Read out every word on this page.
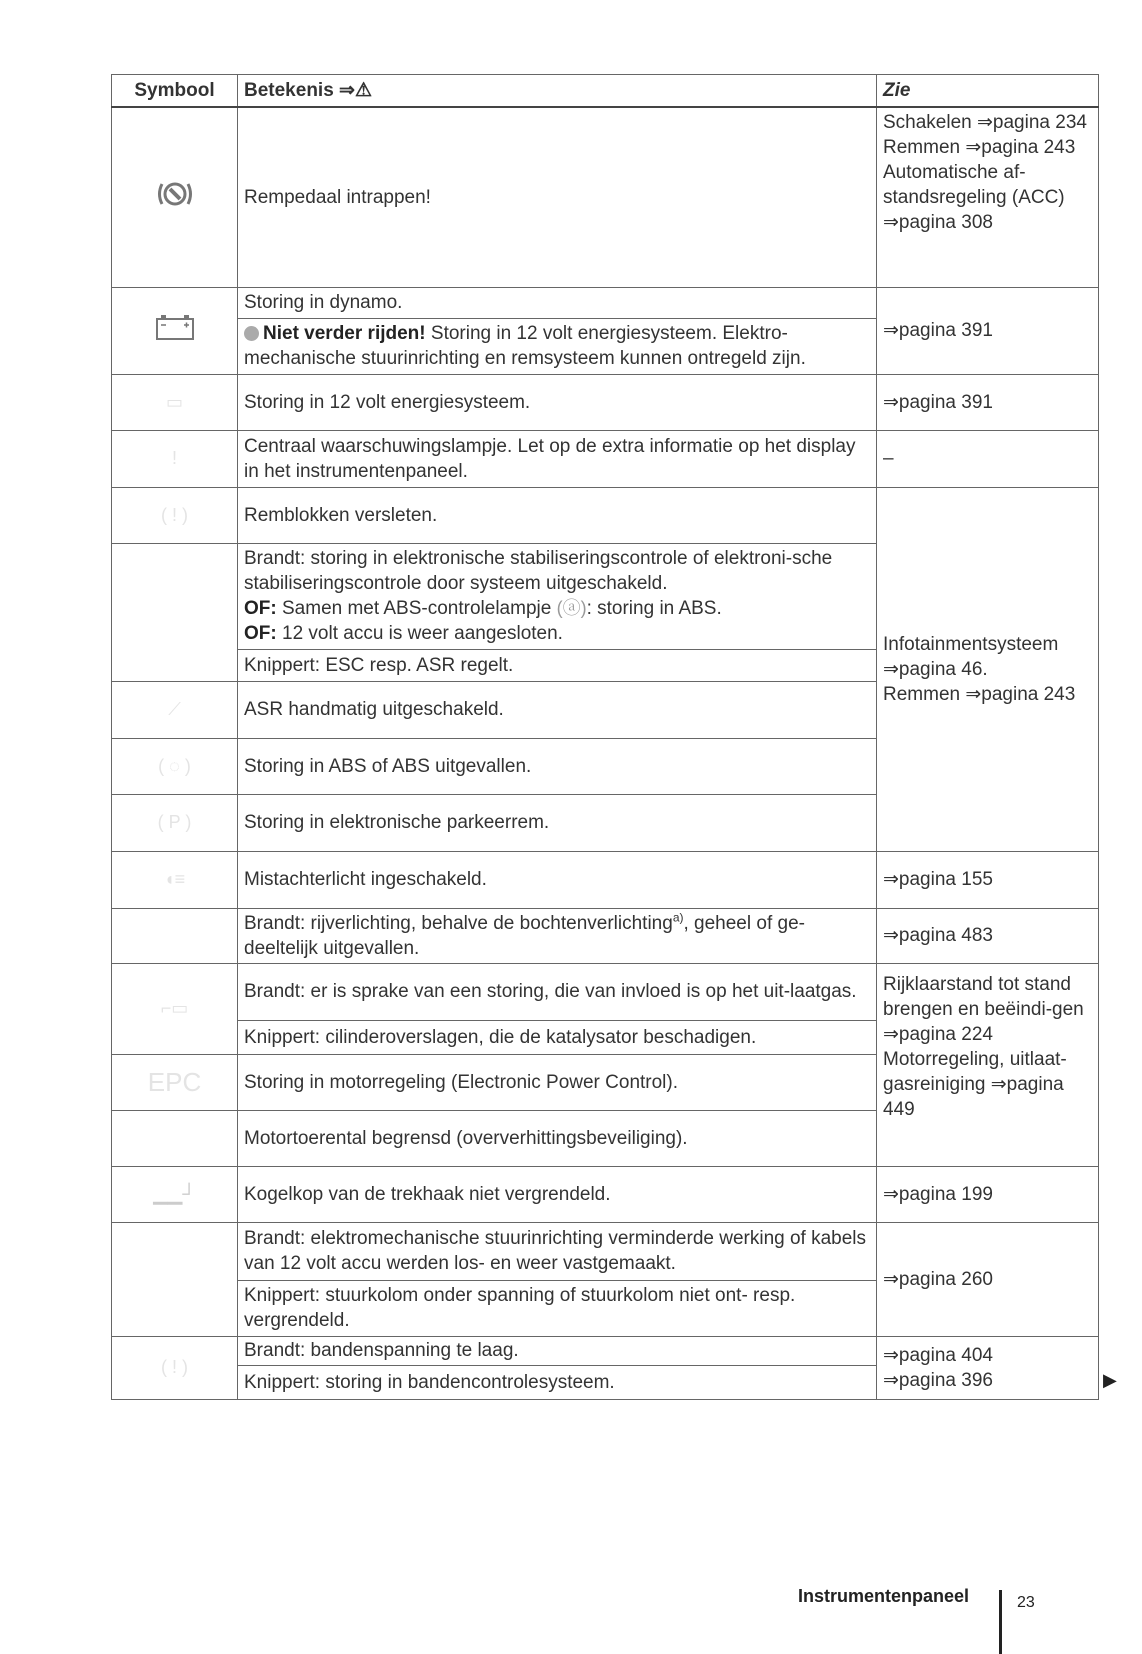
Symbool	Betekenis ⇒⚠	Zie
	Rempedaal intrappen!	Schakelen ⇒pagina 234
Remmen ⇒pagina 243
Automatische af-standsregeling (ACC) ⇒pagina 308
	Storing in dynamo.	⇒pagina 391
	Niet verder rijden! Storing in 12 volt energiesysteem. Elektro-mechanische stuurinrichting en remsysteem kunnen ontregeld zijn.	
▭	Storing in 12 volt energiesysteem.	⇒pagina 391
!	Centraal waarschuwingslampje. Let op de extra informatie op het display in het instrumentenpaneel.	–
( ! )	Remblokken versleten.	Infotainmentsysteem ⇒pagina 46.
Remmen ⇒pagina 243
	Brandt: storing in elektronische stabiliseringscontrole of elektroni-sche stabiliseringscontrole door systeem uitgeschakeld.
OF: Samen met ABS-controlelampje (ⓐ): storing in ABS.
OF: 12 volt accu is weer aangesloten.	
	Knippert: ESC resp. ASR regelt.	
⟋	ASR handmatig uitgeschakeld.	
( ◌ )	Storing in ABS of ABS uitgevallen.	
( P )	Storing in elektronische parkeerrem.	
◖≡	Mistachterlicht ingeschakeld.	⇒pagina 155
	Brandt: rijverlichting, behalve de bochtenverlichting$^{a)}$, geheel of ge-deeltelijk uitgevallen.	⇒pagina 483
⌐▭	Brandt: er is sprake van een storing, die van invloed is op het uit-laatgas.	Rijklaarstand tot stand brengen en beëindi-gen ⇒pagina 224
Motorregeling, uitlaat-gasreiniging ⇒pagina 449
	Knippert: cilinderoverslagen, die de katalysator beschadigen.	
EPC	Storing in motorregeling (Electronic Power Control).	
	Motortoerental begrensd (oververhittingsbeveiliging).	
▁▁┘	Kogelkop van de trekhaak niet vergrendeld.	⇒pagina 199
	Brandt: elektromechanische stuurinrichting verminderde werking of kabels van 12 volt accu werden los- en weer vastgemaakt.	⇒pagina 260
	Knippert: stuurkolom onder spanning of stuurkolom niet ont- resp. vergrendeld.	
( ! )	Brandt: bandenspanning te laag.	⇒pagina 404
⇒pagina 396
	Knippert: storing in bandencontrolesysteem.		▶
Instrumentenpaneel	23
